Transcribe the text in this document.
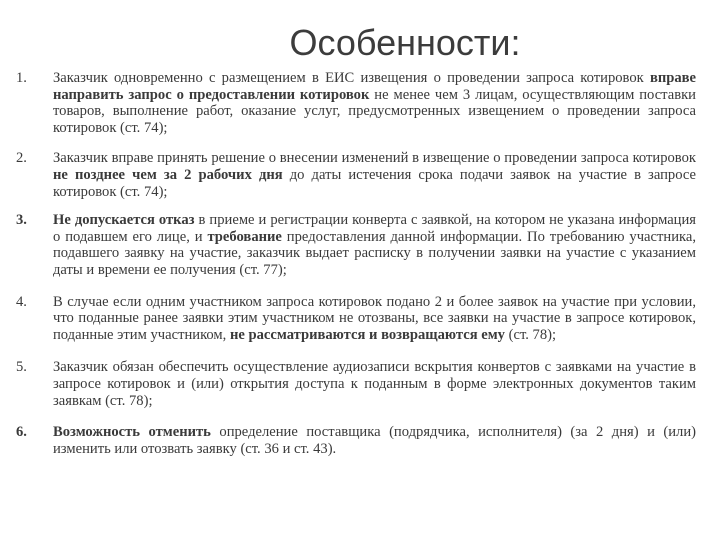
Особенности:
1.	Заказчик одновременно с размещением в ЕИС извещения о проведении запроса котировок вправе направить запрос о предоставлении котировок не менее чем 3 лицам, осуществляющим поставки товаров, выполнение работ, оказание услуг, предусмотренных извещением о проведении запроса котировок (ст. 74);
2.	Заказчик вправе принять решение о внесении изменений в извещение о проведении запроса котировок не позднее чем за 2 рабочих дня до даты истечения срока подачи заявок на участие в запросе котировок (ст. 74);
3.	Не допускается отказ в приеме и регистрации конверта с заявкой, на котором не указана информация о подавшем его лице, и требование предоставления данной информации. По требованию участника, подавшего заявку на участие, заказчик выдает расписку в получении заявки на участие с указанием даты и времени ее получения (ст. 77);
4.	В случае если одним участником запроса котировок подано 2 и более заявок на участие при условии, что поданные ранее заявки этим участником не отозваны, все заявки на участие в запросе котировок, поданные этим участником, не рассматриваются и возвращаются ему (ст. 78);
5.	Заказчик обязан обеспечить осуществление аудиозаписи вскрытия конвертов с заявками на участие в запросе котировок и (или) открытия доступа к поданным в форме электронных документов таким заявкам (ст. 78);
6.	Возможность отменить определение поставщика (подрядчика, исполнителя) (за 2 дня) и (или) изменить или отозвать заявку (ст. 36 и ст. 43).
